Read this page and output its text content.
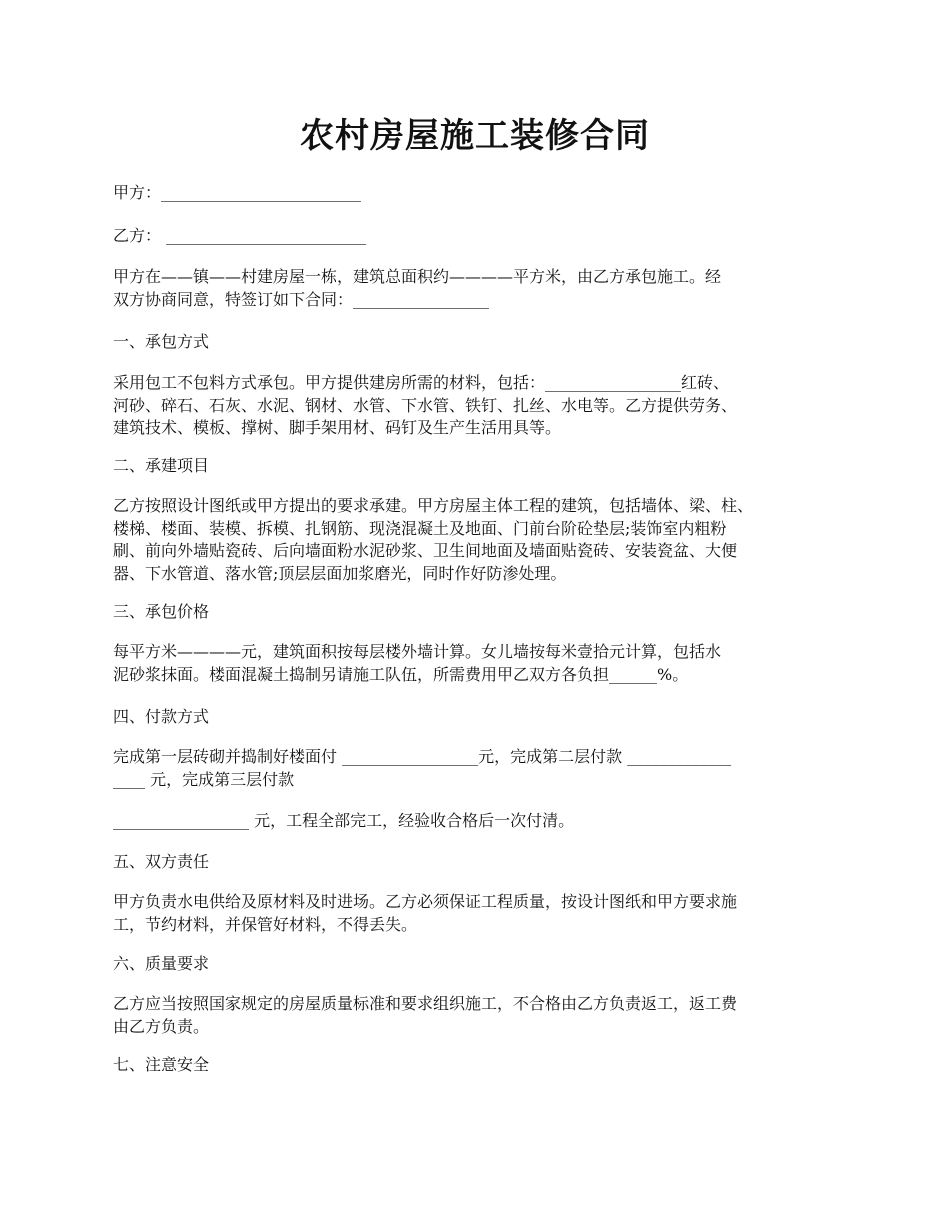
农村房屋施工装修合同
甲方：_________________________
乙方： _________________________
甲方在——镇——村建房屋一栋，建筑总面积约————平方米，由乙方承包施工。经
双方协商同意，特签订如下合同：_________________
一、承包方式
采用包工不包料方式承包。甲方提供建房所需的材料，包括：_________________红砖、
河砂、碎石、石灰、水泥、钢材、水管、下水管、铁钉、扎丝、水电等。乙方提供劳务、
建筑技术、模板、撑树、脚手架用材、码钉及生产生活用具等。
二、承建项目
乙方按照设计图纸或甲方提出的要求承建。甲方房屋主体工程的建筑，包括墙体、梁、柱、
楼梯、楼面、装模、拆模、扎钢筋、现浇混凝土及地面、门前台阶砼垫层;装饰室内粗粉
刷、前向外墙贴瓷砖、后向墙面粉水泥砂浆、卫生间地面及墙面贴瓷砖、安装瓷盆、大便
器、下水管道、落水管;顶层层面加浆磨光，同时作好防渗处理。
三、承包价格
每平方米————元，建筑面积按每层楼外墙计算。女儿墙按每米壹拾元计算，包括水
泥砂浆抹面。楼面混凝土捣制另请施工队伍，所需费用甲乙双方各负担______%。
四、付款方式
完成第一层砖砌并捣制好楼面付 _________________元，完成第二层付款 _____________
____ 元，完成第三层付款
_________________ 元，工程全部完工，经验收合格后一次付清。
五、双方责任
甲方负责水电供给及原材料及时进场。乙方必须保证工程质量，按设计图纸和甲方要求施
工，节约材料，并保管好材料，不得丢失。
六、质量要求
乙方应当按照国家规定的房屋质量标准和要求组织施工，不合格由乙方负责返工，返工费
由乙方负责。
七、注意安全
